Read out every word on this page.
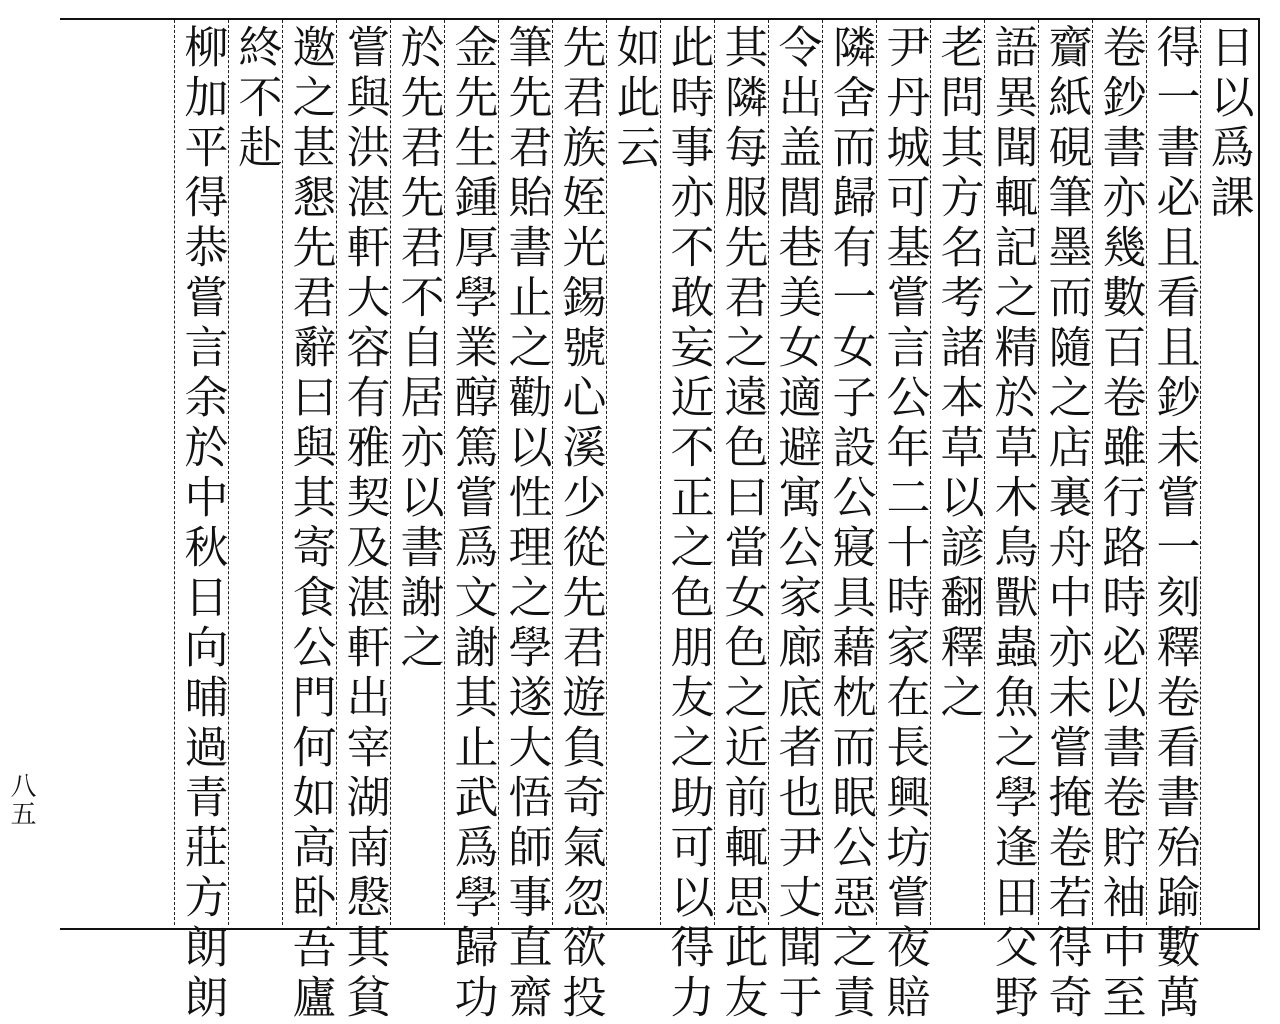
日以爲課
得一書必且看且鈔未嘗一刻釋卷看書殆踰數萬
卷鈔書亦幾數百卷雖行路時必以書卷貯袖中至
齎紙硯筆墨而隨之店裏舟中亦未嘗掩卷若得奇
語異聞輒記之精於草木鳥獸蟲魚之學逢田父野
老問其方名考諸本草以諺翻釋之
尹丹城可基嘗言公年二十時家在長興坊嘗夜賠
隣舍而歸有一女子設公寢具藉枕而眠公惡之責
令出盖閭巷美女適避寓公家廊底者也尹丈聞于
其隣每服先君之遠色曰當女色之近前輒思此友
此時事亦不敢妄近不正之色朋友之助可以得力
如此云
先君族姪光錫號心溪少從先君遊負奇氣忽欲投
筆先君貽書止之勸以性理之學遂大悟師事直齋
金先生鍾厚學業醇篤嘗爲文謝其止武爲學歸功
於先君先君不自居亦以書謝之
嘗與洪湛軒大容有雅契及湛軒出宰湖南慇其貧
邀之甚懇先君辭曰與其寄食公門何如高卧吾廬
終不赴
柳加平得恭嘗言余於中秋日向晡過青莊方朗朗
八五
